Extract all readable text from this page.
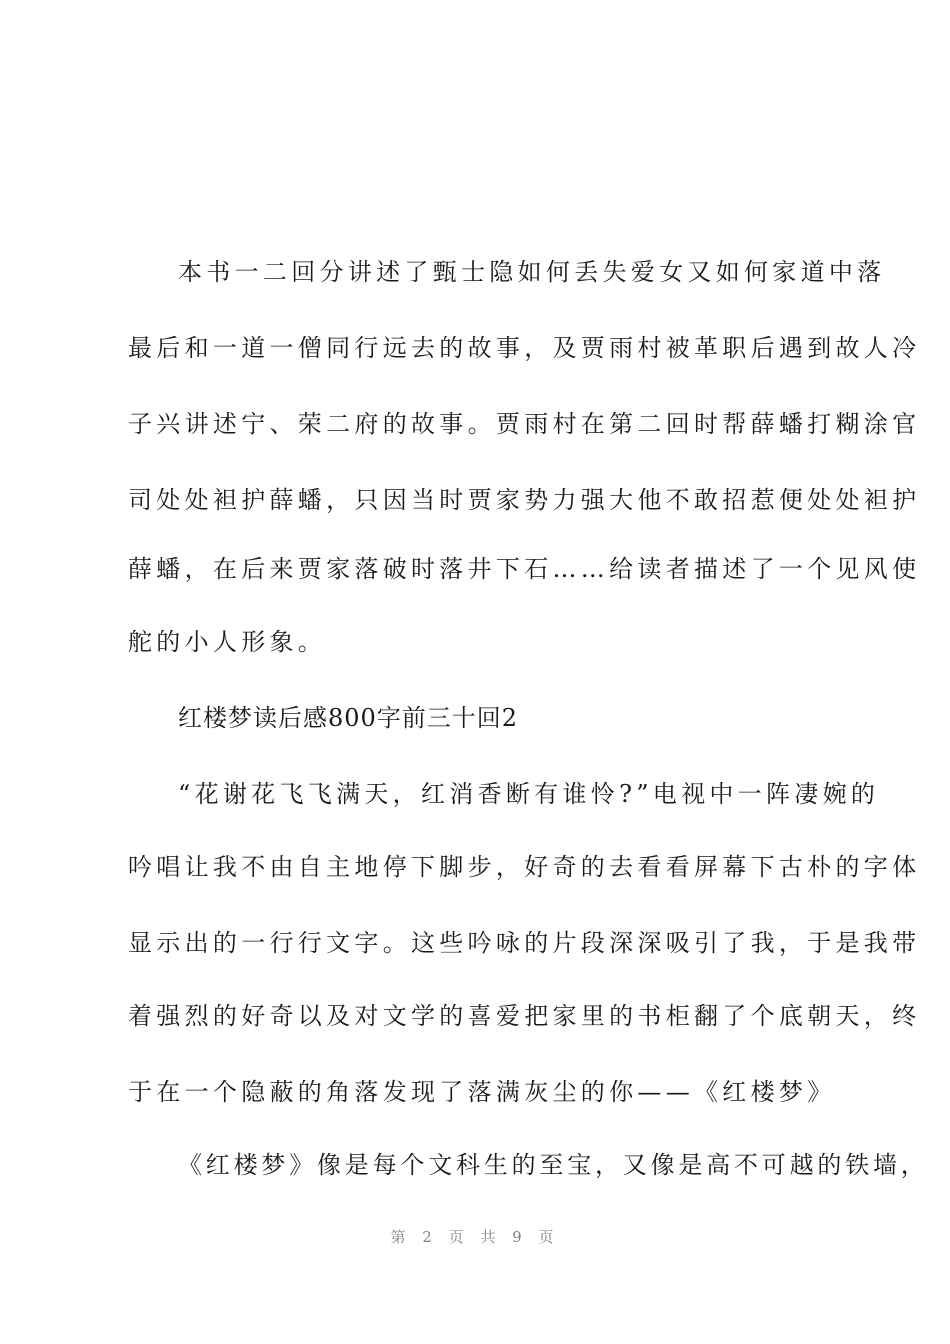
本书一二回分讲述了甄士隐如何丢失爱女又如何家道中落
最后和一道一僧同行远去的故事，及贾雨村被革职后遇到故人冷
子兴讲述宁、荣二府的故事。贾雨村在第二回时帮薛蟠打糊涂官
司处处袒护薛蟠，只因当时贾家势力强大他不敢招惹便处处袒护
薛蟠，在后来贾家落破时落井下石……给读者描述了一个见风使
舵的小人形象。
红楼梦读后感800字前三十回2
“花谢花飞飞满天，红消香断有谁怜?”电视中一阵凄婉的
吟唱让我不由自主地停下脚步，好奇的去看看屏幕下古朴的字体
显示出的一行行文字。这些吟咏的片段深深吸引了我，于是我带
着强烈的好奇以及对文学的喜爱把家里的书柜翻了个底朝天，终
于在一个隐蔽的角落发现了落满灰尘的你——《红楼梦》
《红楼梦》像是每个文科生的至宝，又像是高不可越的铁墙，
第 2 页 共 9 页
